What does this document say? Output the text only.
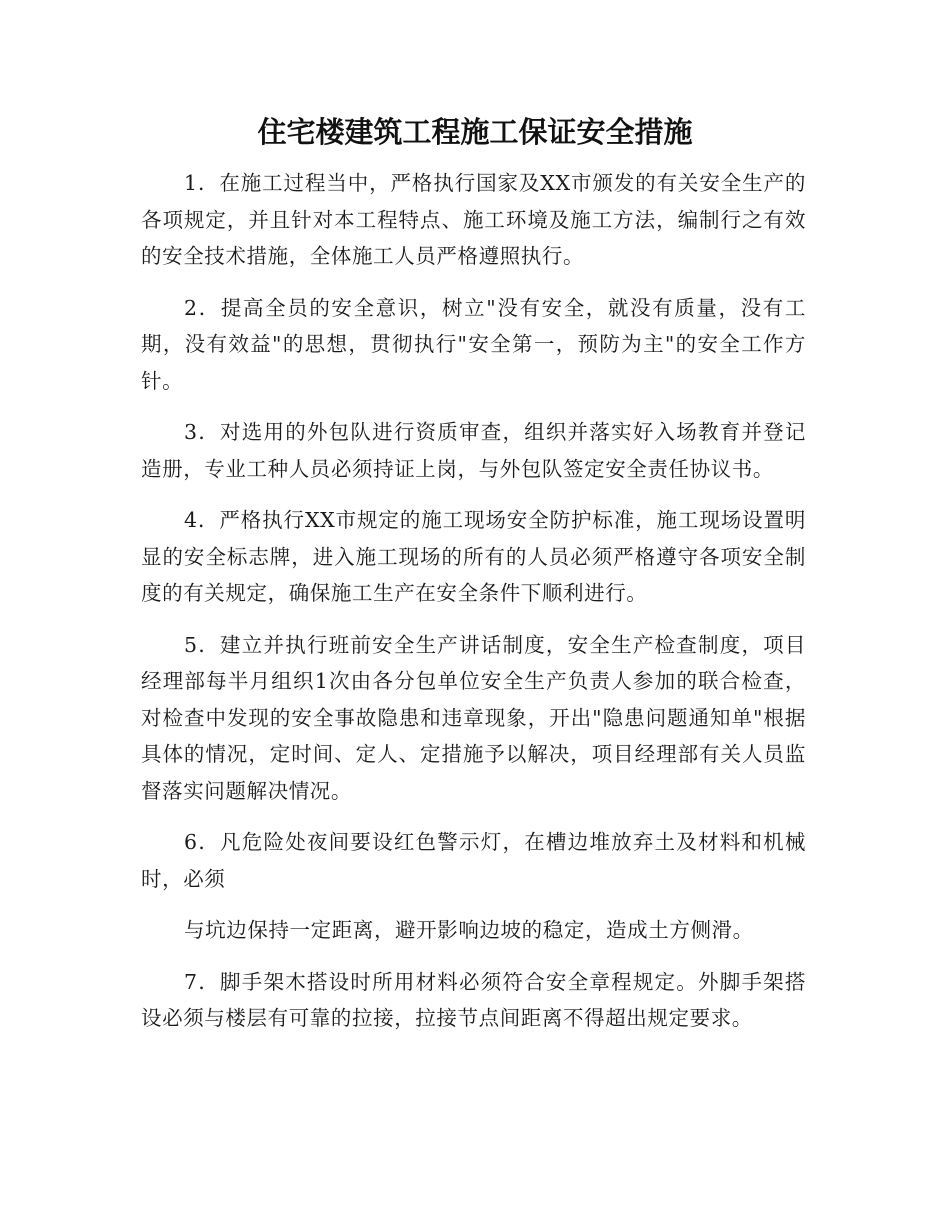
住宅楼建筑工程施工保证安全措施

1．在施工过程当中，严格执行国家及XX市颁发的有关安全生产的各项规定，并且针对本工程特点、施工环境及施工方法，编制行之有效的安全技术措施，全体施工人员严格遵照执行。

2．提高全员的安全意识，树立"没有安全，就没有质量，没有工期，没有效益"的思想，贯彻执行"安全第一，预防为主"的安全工作方针。

3．对选用的外包队进行资质审查，组织并落实好入场教育并登记造册，专业工种人员必须持证上岗，与外包队签定安全责任协议书。

4．严格执行XX市规定的施工现场安全防护标准，施工现场设置明显的安全标志牌，进入施工现场的所有的人员必须严格遵守各项安全制度的有关规定，确保施工生产在安全条件下顺利进行。

5．建立并执行班前安全生产讲话制度，安全生产检查制度，项目经理部每半月组织1次由各分包单位安全生产负责人参加的联合检查，对检查中发现的安全事故隐患和违章现象，开出"隐患问题通知单"根据具体的情况，定时间、定人、定措施予以解决，项目经理部有关人员监督落实问题解决情况。

6．凡危险处夜间要设红色警示灯，在槽边堆放弃土及材料和机械时，必须

与坑边保持一定距离，避开影响边坡的稳定，造成土方侧滑。

7．脚手架木搭设时所用材料必须符合安全章程规定。外脚手架搭设必须与楼层有可靠的拉接，拉接节点间距离不得超出规定要求。
